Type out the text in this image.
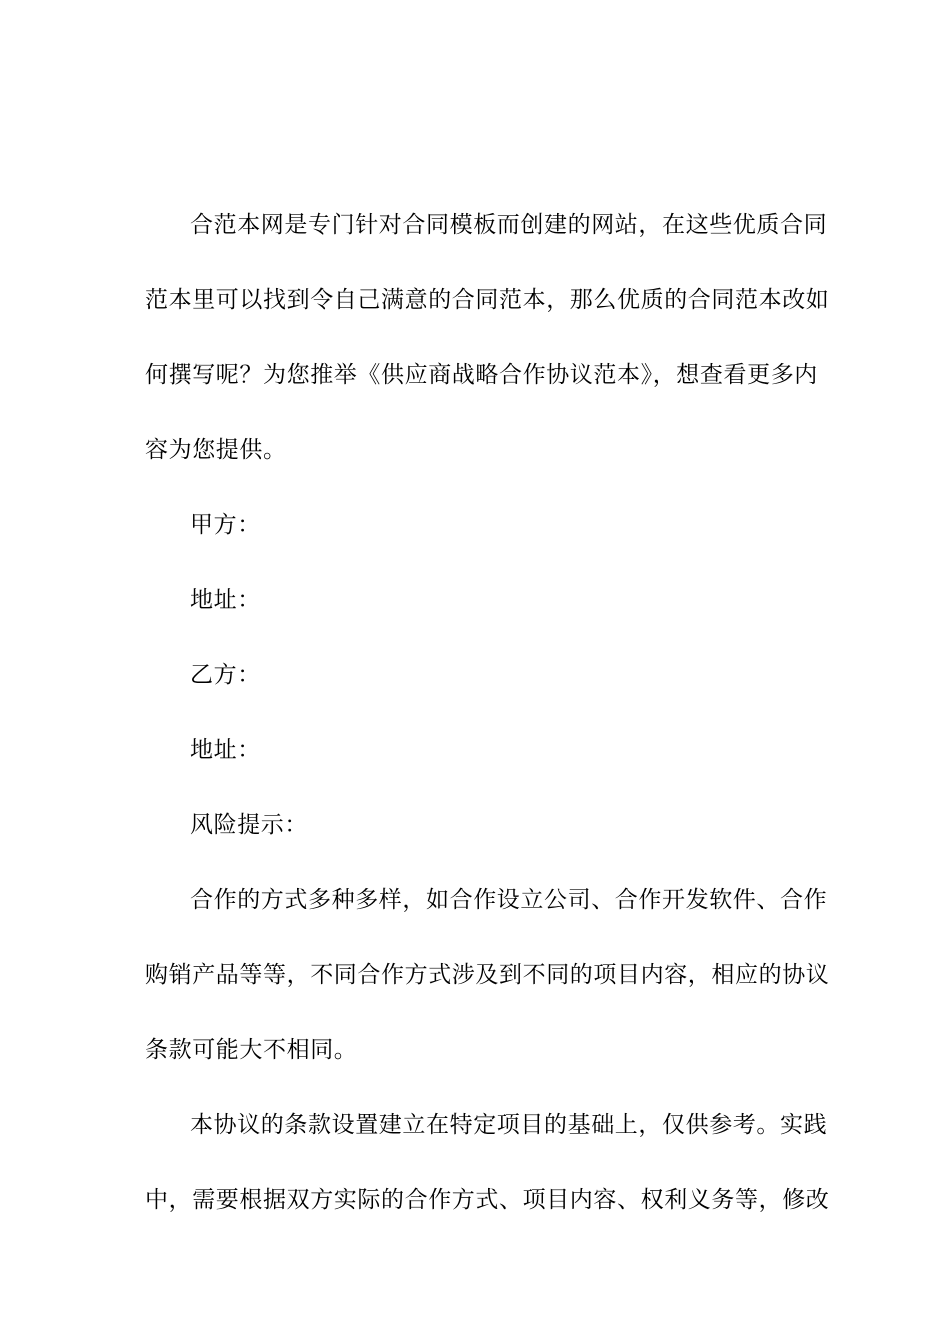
合范本网是专门针对合同模板而创建的网站，在这些优质合同
范本里可以找到令自己满意的合同范本，那么优质的合同范本改如
何撰写呢？为您推举《供应商战略合作协议范本》，想查看更多内
容为您提供。
甲方：
地址：
乙方：
地址：
风险提示：
合作的方式多种多样，如合作设立公司、合作开发软件、合作
购销产品等等，不同合作方式涉及到不同的项目内容，相应的协议
条款可能大不相同。
本协议的条款设置建立在特定项目的基础上，仅供参考。实践
中，需要根据双方实际的合作方式、项目内容、权利义务等，修改
